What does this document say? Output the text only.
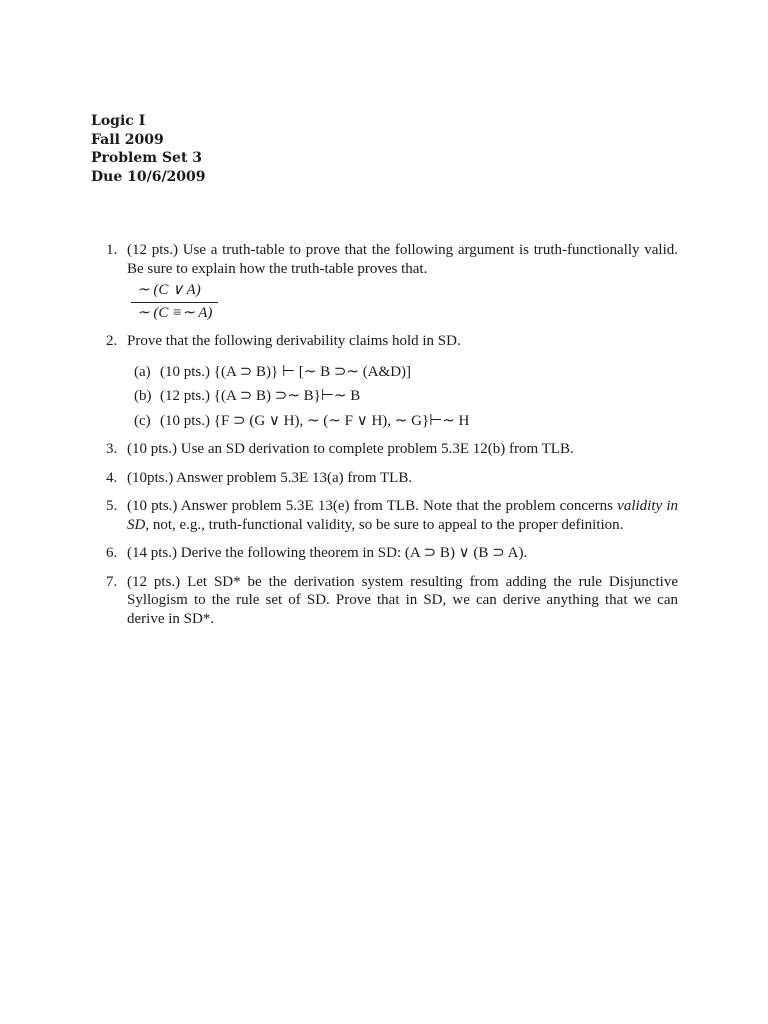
Logic I
Fall 2009
Problem Set 3
Due 10/6/2009
1. (12 pts.) Use a truth-table to prove that the following argument is truth-functionally valid. Be sure to explain how the truth-table proves that.
$\frac{\sim (C \vee A)}{\sim (C \equiv\sim A)}$
2. Prove that the following derivability claims hold in SD.
(a) (10 pts.) {(A ⊃ B)} ⊢ [∼ B ⊃∼ (A&D)]
(b) (12 pts.) {(A ⊃ B) ⊃∼ B}⊢∼ B
(c) (10 pts.) {F ⊃ (G ∨ H), ∼ (∼ F ∨ H), ∼ G}⊢∼ H
3. (10 pts.) Use an SD derivation to complete problem 5.3E 12(b) from TLB.
4. (10pts.) Answer problem 5.3E 13(a) from TLB.
5. (10 pts.) Answer problem 5.3E 13(e) from TLB. Note that the problem concerns validity in SD, not, e.g., truth-functional validity, so be sure to appeal to the proper definition.
6. (14 pts.) Derive the following theorem in SD: (A ⊃ B) ∨ (B ⊃ A).
7. (12 pts.) Let SD* be the derivation system resulting from adding the rule Disjunctive Syllogism to the rule set of SD. Prove that in SD, we can derive anything that we can derive in SD*.
